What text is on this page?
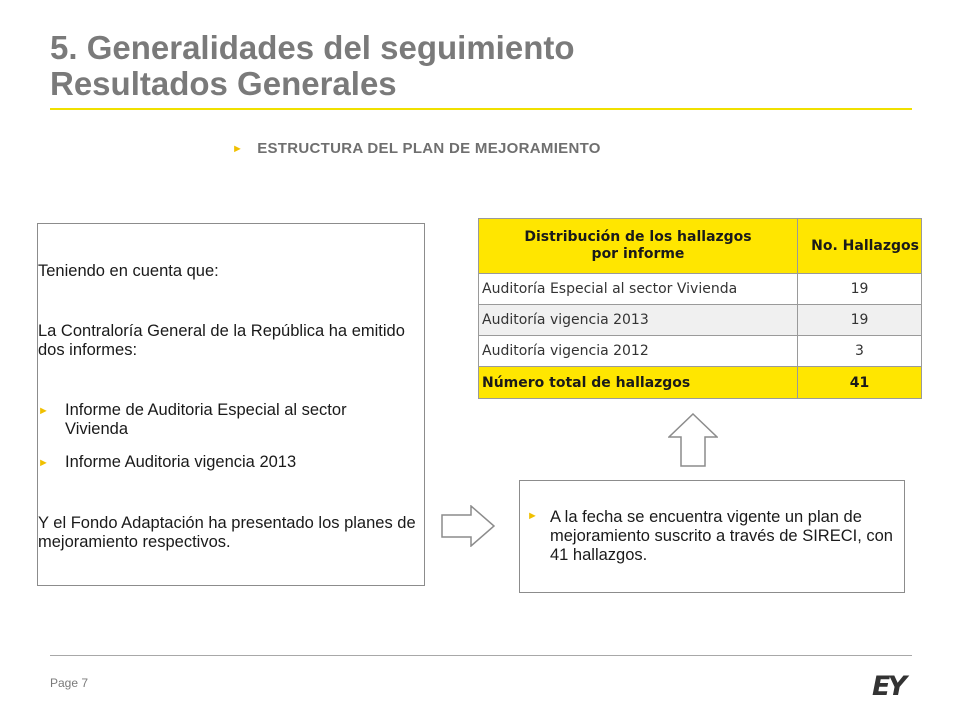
5. Generalidades del seguimiento
Resultados Generales
► ESTRUCTURA DEL PLAN DE MEJORAMIENTO
Teniendo en cuenta que:
La Contraloría General de la República ha emitido dos informes:
► Informe de Auditoria Especial al sector Vivienda
► Informe Auditoria vigencia 2013
Y el Fondo Adaptación ha presentado los planes de mejoramiento respectivos.
Distribución de los hallazgos
por informe	No. Hallazgos
Auditoría Especial al sector Vivienda	19
Auditoría vigencia 2013	19
Auditoría vigencia 2012	3
Número total de hallazgos	41
► A la fecha se encuentra vigente un plan de mejoramiento suscrito a través de SIRECI, con 41 hallazgos.
Page 7	EY
